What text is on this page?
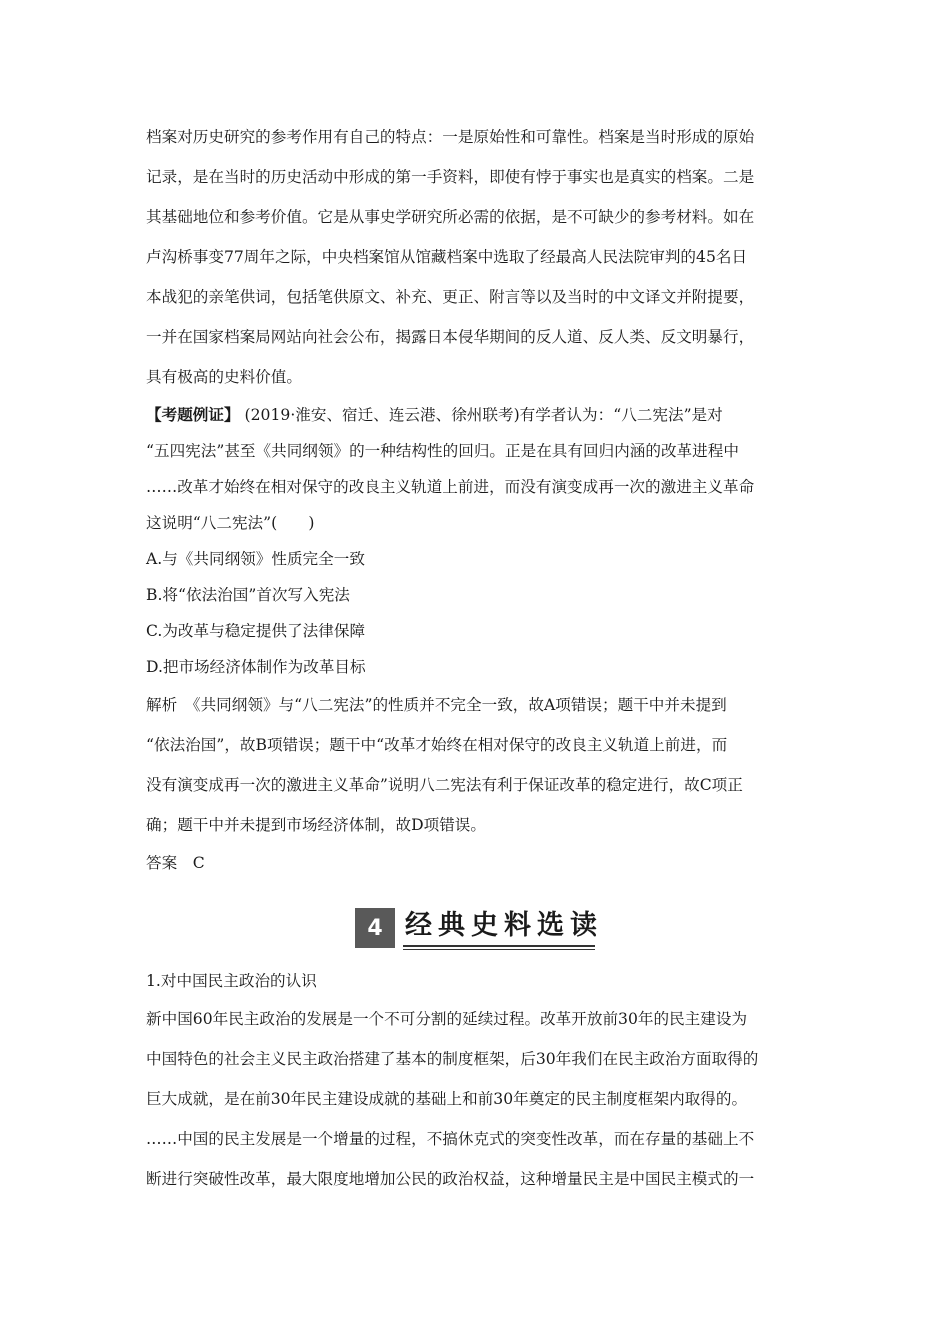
档案对历史研究的参考作用有自己的特点：一是原始性和可靠性。档案是当时形成的原始
记录，是在当时的历史活动中形成的第一手资料，即使有悖于事实也是真实的档案。二是
其基础地位和参考价值。它是从事史学研究所必需的依据，是不可缺少的参考材料。如在
卢沟桥事变77周年之际，中央档案馆从馆藏档案中选取了经最高人民法院审判的45名日
本战犯的亲笔供词，包括笔供原文、补充、更正、附言等以及当时的中文译文并附提要，
一并在国家档案局网站向社会公布，揭露日本侵华期间的反人道、反人类、反文明暴行，
具有极高的史料价值。
【考题例证】 (2019·淮安、宿迁、连云港、徐州联考)有学者认为：“八二宪法”是对
“五四宪法”甚至《共同纲领》的一种结构性的回归。正是在具有回归内涵的改革进程中
……改革才始终在相对保守的改良主义轨道上前进，而没有演变成再一次的激进主义革命
这说明“八二宪法”(　　)
A.与《共同纲领》性质完全一致
B.将“依法治国”首次写入宪法
C.为改革与稳定提供了法律保障
D.把市场经济体制作为改革目标
解析　《共同纲领》与“八二宪法”的性质并不完全一致，故A项错误；题干中并未提到
“依法治国”，故B项错误；题干中“改革才始终在相对保守的改良主义轨道上前进，而
没有演变成再一次的激进主义革命”说明八二宪法有利于保证改革的稳定进行，故C项正
确；题干中并未提到市场经济体制，故D项错误。
答案　C
4 经典史料选读
1.对中国民主政治的认识
新中国60年民主政治的发展是一个不可分割的延续过程。改革开放前30年的民主建设为
中国特色的社会主义民主政治搭建了基本的制度框架，后30年我们在民主政治方面取得的
巨大成就，是在前30年民主建设成就的基础上和前30年奠定的民主制度框架内取得的。
……中国的民主发展是一个增量的过程，不搞休克式的突变性改革，而在存量的基础上不
断进行突破性改革，最大限度地增加公民的政治权益，这种增量民主是中国民主模式的一
